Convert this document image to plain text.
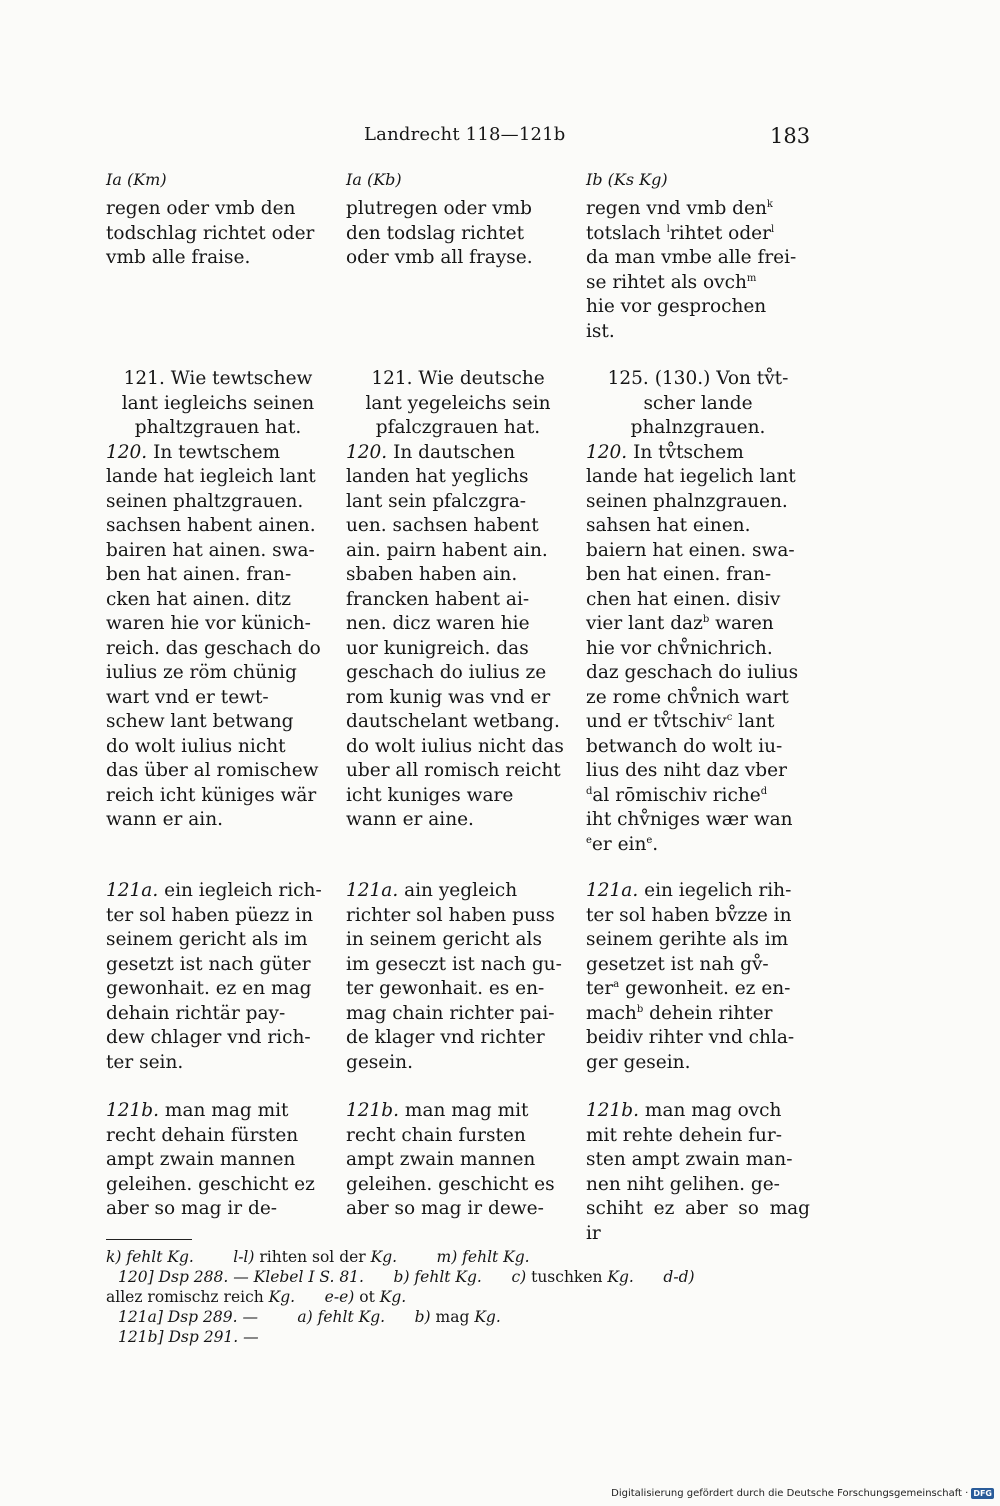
Landrecht 118—121b	183
Ia (Km)	Ia (Kb)	Ib (Ks Kg)

regen oder vmb den
todschlag richtet oder
vmb alle fraise.

121. Wie tewtschew
lant iegleichs seinen
phaltzgrauen hat.

120. In tewtschem
lande hat iegleich lant
seinen phaltzgrauen.
sachsen habent ainen.
bairen hat ainen. swa-
ben hat ainen. fran-
cken hat ainen. ditz
waren hie vor künich-
reich. das geschach do
iulius ze röm chünig
wart vnd er tewt-
schew lant betwang
do wolt iulius nicht
das über al romischew
reich icht küniges wär
wann er ain.

121a. ein iegleich rich-
ter sol haben püezz in
seinem gericht als im
gesetzt ist nach güter
gewonhait. ez en mag
dehain richtär pay-
dew chlager vnd rich-
ter sein.

121b. man mag mit
recht dehain fürsten
ampt zwain mannen
geleihen. geschicht ez
aber so mag ir de-

plutregen oder vmb
den todslag richtet
oder vmb all frayse.

121. Wie deutsche
lant yegeleichs sein
pfalczgrauen hat.

120. In dautschen
landen hat yeglichs
lant sein pfalczgra-
uen. sachsen habent
ain. pairn habent ain.
sbaben haben ain.
francken habent ai-
nen. dicz waren hie
uor kunigreich. das
geschach do iulius ze
rom kunig was vnd er
dautschelant wetbang.
do wolt iulius nicht das
uber all romisch reicht
icht kuniges ware
wann er aine.

121a. ain yegleich
richter sol haben puss
in seinem gericht als
im geseczt ist nach gu-
ter gewonhait. es en-
mag chain richter pai-
de klager vnd richter
gesein.

121b. man mag mit
recht chain fursten
ampt zwain mannen
geleihen. geschicht es
aber so mag ir dewe-

regen vnd vmb den$^k$
totslach $^l$rihtet oder$^l$
da man vmbe alle frei-
se rihtet als ovch$^m$
hie vor gesprochen
ist.

125. (130.) Von tv̊t-
scher lande
phalnzgrauen.

120. In tv̊tschem
lande hat iegelich lant
seinen phalnzgrauen.
sahsen hat einen.
baiern hat einen. swa-
ben hat einen. fran-
chen hat einen. disiv
vier lant daz$^b$ waren
hie vor chv̊nichrich.
daz geschach do iulius
ze rome chv̊nich wart
und er tv̊tschiv$^c$ lant
betwanch do wolt iu-
lius des niht daz vber
$^d$al rōmischiv riche$^d$
iht chv̊niges wær wan
$^e$er ein$^e$.

121a. ein iegelich rih-
ter sol haben bv̊zze in
seinem gerihte als im
gesetzet ist nah gv̊-
ter$^a$ gewonheit. ez en-
mach$^b$ dehein rihter
beidiv rihter vnd chla-
ger gesein.

121b. man mag ovch
mit rehte dehein fur-
sten ampt zwain man-
nen niht gelihen. ge-
schiht ez aber so mag ir

k) fehlt Kg.	l-l) rihten sol der Kg.	m) fehlt Kg.
120] Dsp 288. — Klebel I S. 81. b) fehlt Kg. c) tuschken Kg. d-d)
allez romischz reich Kg. e-e) ot Kg.
121a] Dsp 289. —	a) fehlt Kg. b) mag Kg.
121b] Dsp 291. —
Digitalisierung gefördert durch die Deutsche Forschungsgemeinschaft · DFG
